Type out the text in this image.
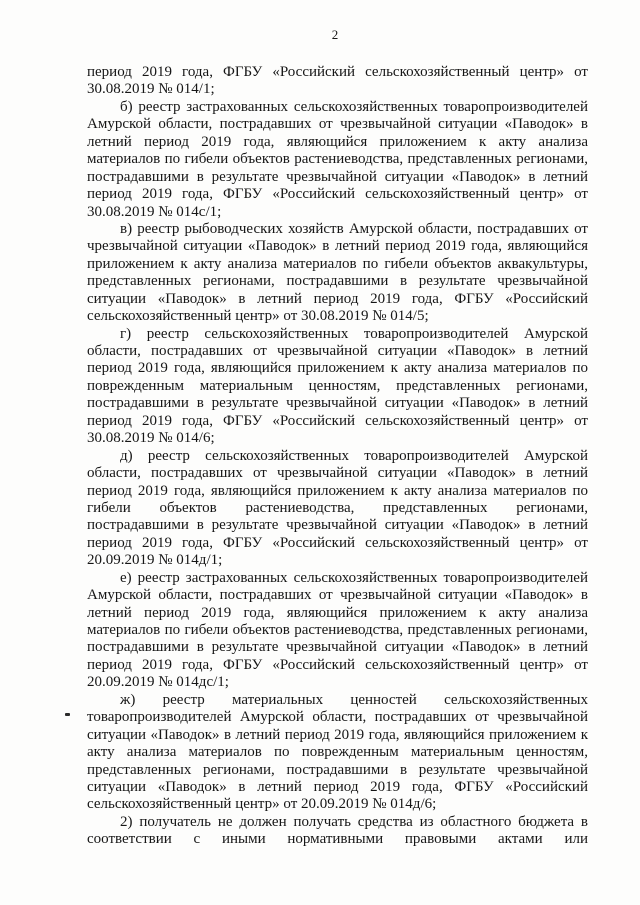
2
период 2019 года, ФГБУ «Российский сельскохозяйственный центр» от
30.08.2019 № 014/1;
б) реестр застрахованных сельскохозяйственных товаропроизводителей
Амурской области, пострадавших от чрезвычайной ситуации «Паводок» в
летний период 2019 года, являющийся приложением к акту анализа
материалов по гибели объектов растениеводства, представленных регионами,
пострадавшими в результате чрезвычайной ситуации «Паводок» в летний
период 2019 года, ФГБУ «Российский сельскохозяйственный центр» от
30.08.2019 № 014с/1;
в) реестр рыбоводческих хозяйств Амурской области, пострадавших от
чрезвычайной ситуации «Паводок» в летний период 2019 года, являющийся
приложением к акту анализа материалов по гибели объектов аквакультуры,
представленных регионами, пострадавшими в результате чрезвычайной
ситуации «Паводок» в летний период 2019 года, ФГБУ «Российский
сельскохозяйственный центр» от 30.08.2019 № 014/5;
г) реестр сельскохозяйственных товаропроизводителей Амурской
области, пострадавших от чрезвычайной ситуации «Паводок» в летний
период 2019 года, являющийся приложением к акту анализа материалов по
поврежденным материальным ценностям, представленных регионами,
пострадавшими в результате чрезвычайной ситуации «Паводок» в летний
период 2019 года, ФГБУ «Российский сельскохозяйственный центр» от
30.08.2019 № 014/6;
д) реестр сельскохозяйственных товаропроизводителей Амурской
области, пострадавших от чрезвычайной ситуации «Паводок» в летний
период 2019 года, являющийся приложением к акту анализа материалов по
гибели объектов растениеводства, представленных регионами,
пострадавшими в результате чрезвычайной ситуации «Паводок» в летний
период 2019 года, ФГБУ «Российский сельскохозяйственный центр» от
20.09.2019 № 014д/1;
е) реестр застрахованных сельскохозяйственных товаропроизводителей
Амурской области, пострадавших от чрезвычайной ситуации «Паводок» в
летний период 2019 года, являющийся приложением к акту анализа
материалов по гибели объектов растениеводства, представленных регионами,
пострадавшими в результате чрезвычайной ситуации «Паводок» в летний
период 2019 года, ФГБУ «Российский сельскохозяйственный центр» от
20.09.2019 № 014дс/1;
ж) реестр материальных ценностей сельскохозяйственных
товаропроизводителей Амурской области, пострадавших от чрезвычайной
ситуации «Паводок» в летний период 2019 года, являющийся приложением к
акту анализа материалов по поврежденным материальным ценностям,
представленных регионами, пострадавшими в результате чрезвычайной
ситуации «Паводок» в летний период 2019 года, ФГБУ «Российский
сельскохозяйственный центр» от 20.09.2019 № 014д/6;
2) получатель не должен получать средства из областного бюджета в
соответствии с иными нормативными правовыми актами или
